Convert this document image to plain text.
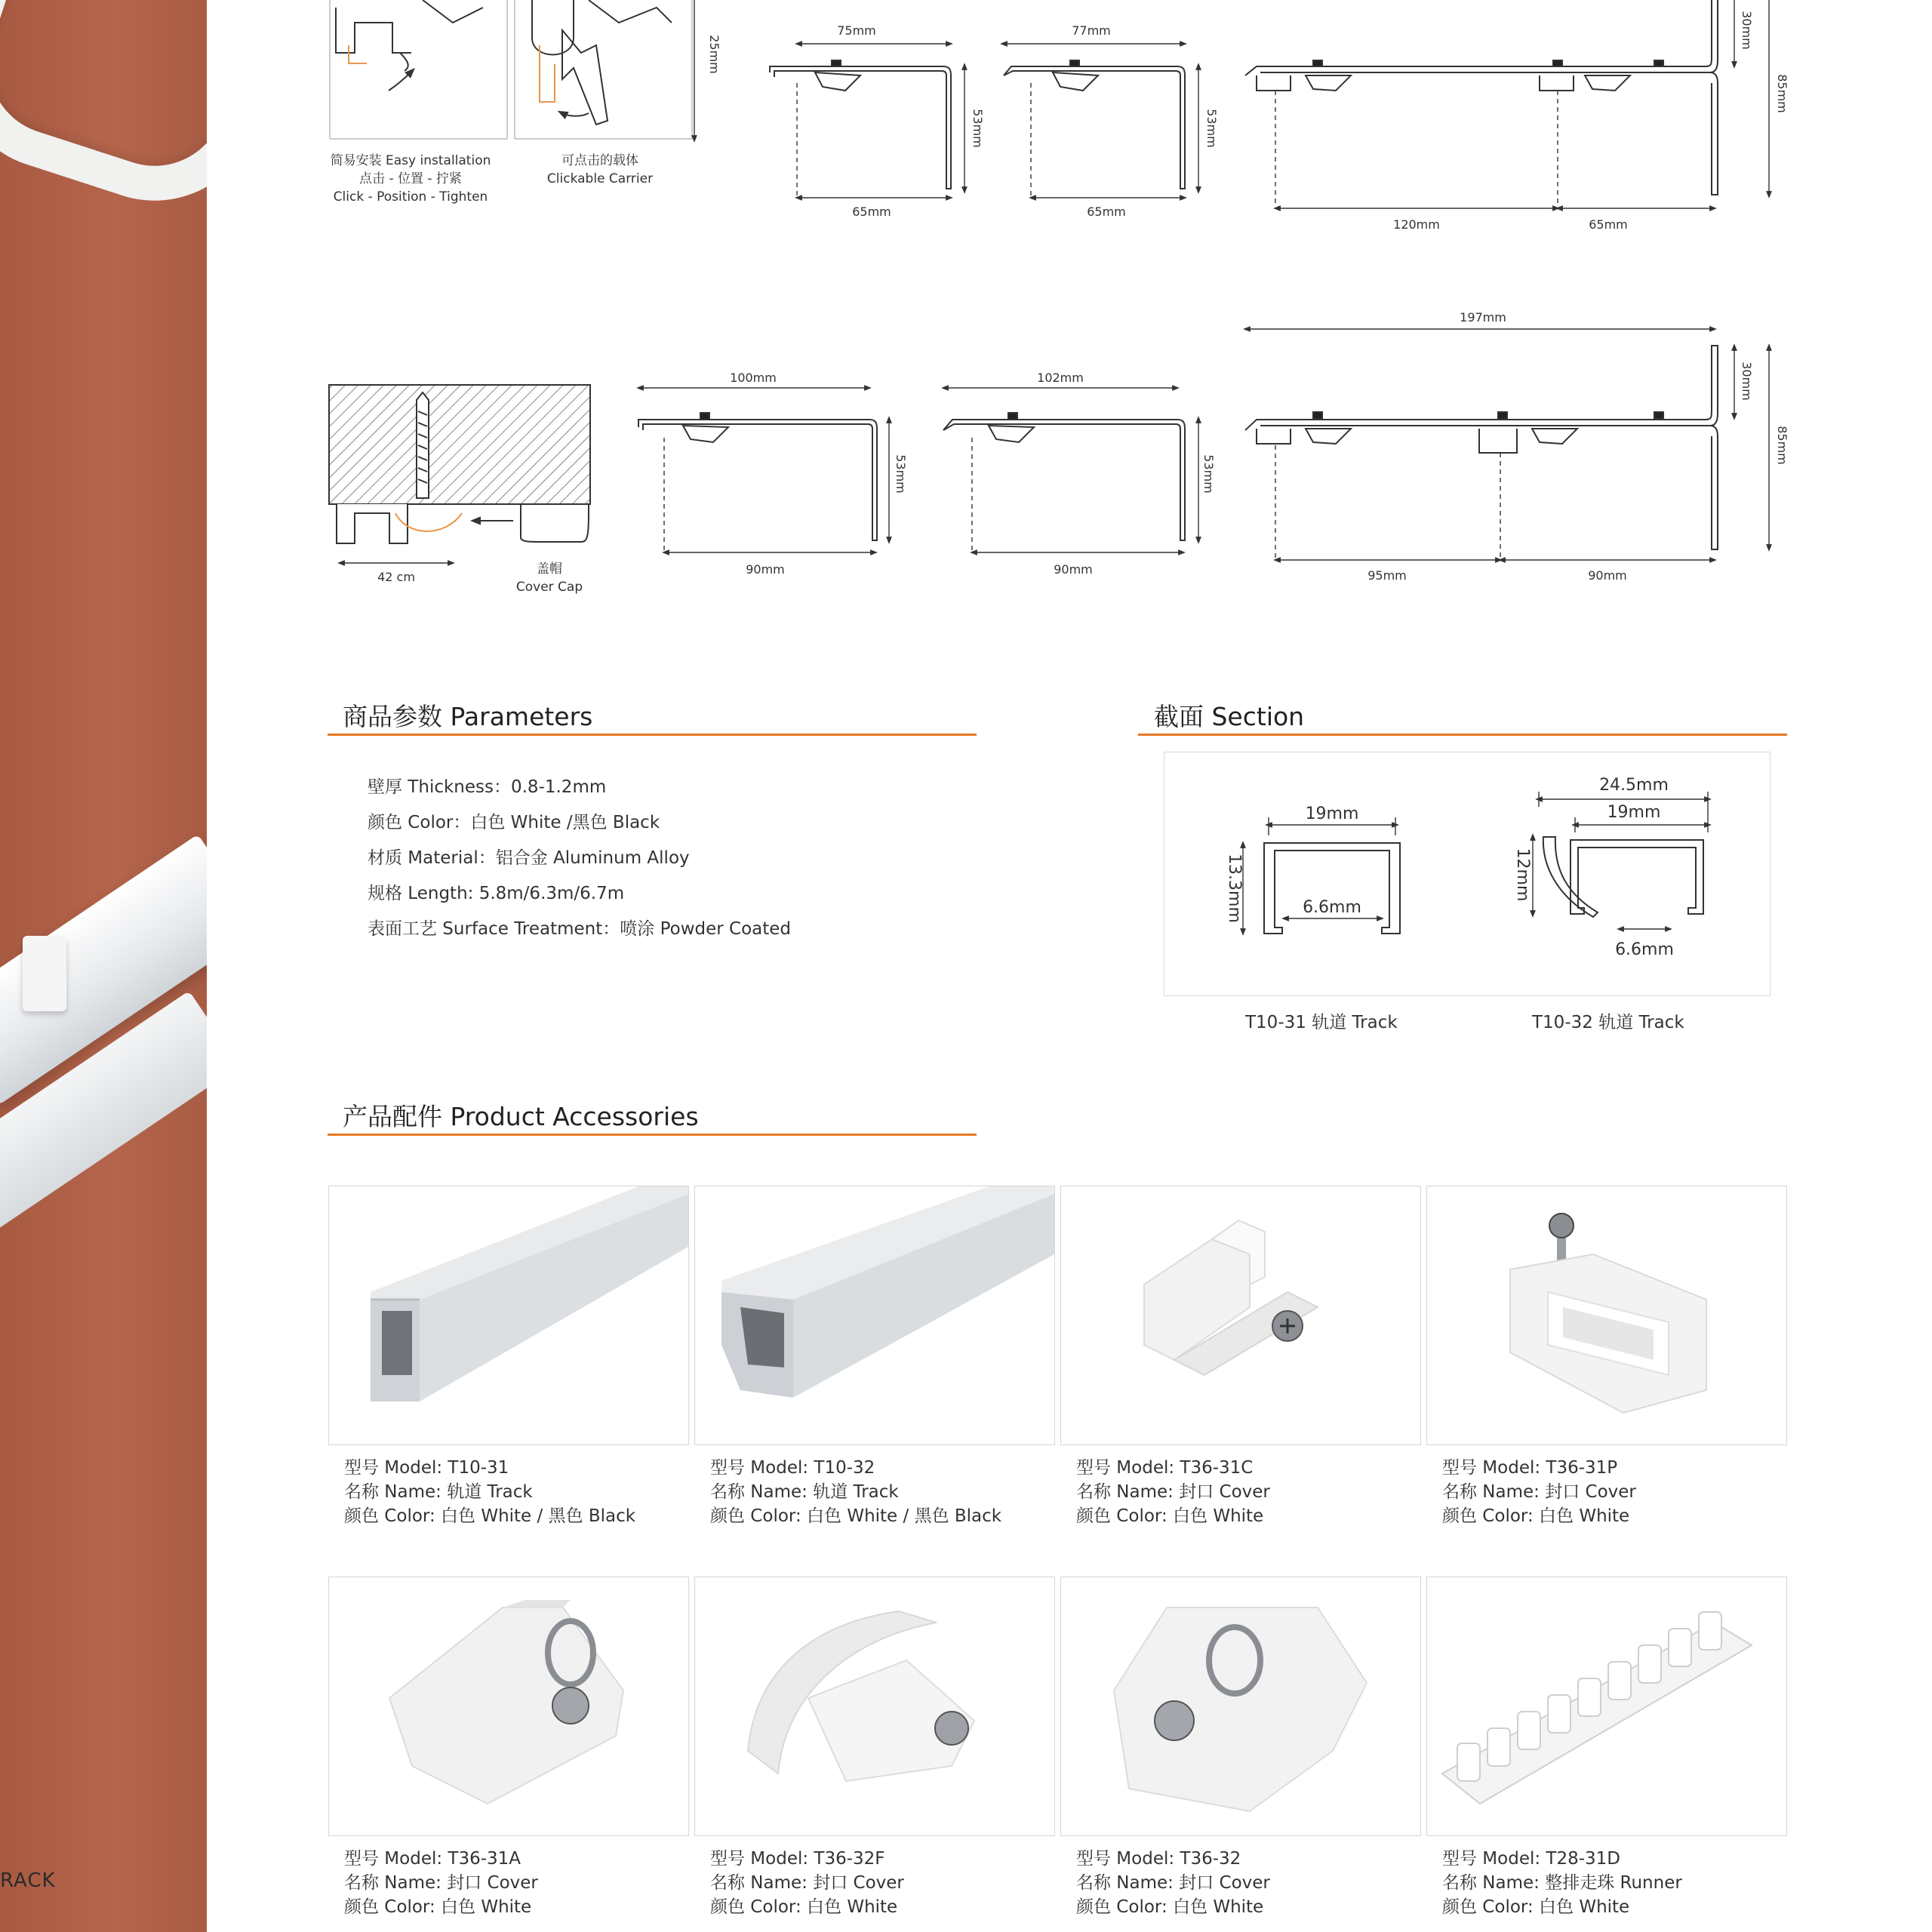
RACK
25mm
75mm
65mm
53mm
77mm
65mm
53mm
120mm	65mm
30mm
85mm
42 cm
100mm
90mm
53mm
102mm
90mm
53mm
197mm
95mm	90mm
30mm
85mm
简易安装 Easy installation
点击 - 位置 - 拧紧
Click - Position - Tighten
可点击的载体
Clickable Carrier
盖帽
Cover Cap
商品参数 Parameters
壁厚 Thickness：0.8-1.2mm
颜色 Color：白色 White /黑色 Black
材质 Material：铝合金 Aluminum Alloy
规格 Length: 5.8m/6.3m/6.7m
表面工艺 Surface Treatment：喷涂 Powder Coated
截面 Section
19mm
13.3mm	6.6mm
24.5mm
19mm
12mm
6.6mm
T10-31 轨道 Track	T10-32 轨道 Track
产品配件 Product Accessories
型号 Model: T10-31
名称 Name: 轨道 Track
颜色 Color: 白色 White / 黑色 Black
型号 Model: T10-32
名称 Name: 轨道 Track
颜色 Color: 白色 White / 黑色 Black
型号 Model: T36-31C
名称 Name: 封口 Cover
颜色 Color: 白色 White
型号 Model: T36-31P
名称 Name: 封口 Cover
颜色 Color: 白色 White
型号 Model: T36-31A
名称 Name: 封口 Cover
颜色 Color: 白色 White
型号 Model: T36-32F
名称 Name: 封口 Cover
颜色 Color: 白色 White
型号 Model: T36-32
名称 Name: 封口 Cover
颜色 Color: 白色 White
型号 Model: T28-31D
名称 Name: 整排走珠 Runner
颜色 Color: 白色 White
